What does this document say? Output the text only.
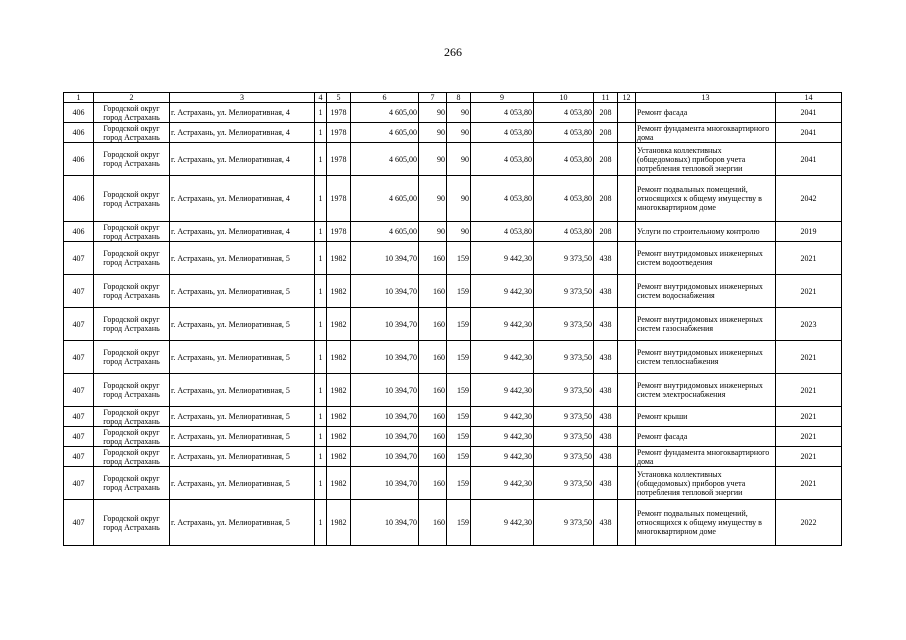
266
1	2	3	4	5	6	7	8	9	10	11	12	13	14
406	Городской округ город Астрахань	г. Астрахань, ул. Мелиоративная, 4	1	1978	4 605,00	90	90	4 053,80	4 053,80	208		Ремонт фасада	2041
406	Городской округ город Астрахань	г. Астрахань, ул. Мелиоративная, 4	1	1978	4 605,00	90	90	4 053,80	4 053,80	208		Ремонт фундамента многоквартирного дома	2041
406	Городской округ город Астрахань	г. Астрахань, ул. Мелиоративная, 4	1	1978	4 605,00	90	90	4 053,80	4 053,80	208		Установка коллективных (общедомовых) приборов учета потребления тепловой энергии	2041
406	Городской округ город Астрахань	г. Астрахань, ул. Мелиоративная, 4	1	1978	4 605,00	90	90	4 053,80	4 053,80	208		Ремонт подвальных помещений, относящихся к общему имуществу в многоквартирном доме	2042
406	Городской округ город Астрахань	г. Астрахань, ул. Мелиоративная, 4	1	1978	4 605,00	90	90	4 053,80	4 053,80	208		Услуги по строительному контролю	2019
407	Городской округ город Астрахань	г. Астрахань, ул. Мелиоративная, 5	1	1982	10 394,70	160	159	9 442,30	9 373,50	438		Ремонт внутридомовых инженерных систем водоотведения	2021
407	Городской округ город Астрахань	г. Астрахань, ул. Мелиоративная, 5	1	1982	10 394,70	160	159	9 442,30	9 373,50	438		Ремонт внутридомовых инженерных систем водоснабжения	2021
407	Городской округ город Астрахань	г. Астрахань, ул. Мелиоративная, 5	1	1982	10 394,70	160	159	9 442,30	9 373,50	438		Ремонт внутридомовых инженерных систем газоснабжения	2023
407	Городской округ город Астрахань	г. Астрахань, ул. Мелиоративная, 5	1	1982	10 394,70	160	159	9 442,30	9 373,50	438		Ремонт внутридомовых инженерных систем теплоснабжения	2021
407	Городской округ город Астрахань	г. Астрахань, ул. Мелиоративная, 5	1	1982	10 394,70	160	159	9 442,30	9 373,50	438		Ремонт внутридомовых инженерных систем электроснабжения	2021
407	Городской округ город Астрахань	г. Астрахань, ул. Мелиоративная, 5	1	1982	10 394,70	160	159	9 442,30	9 373,50	438		Ремонт крыши	2021
407	Городской округ город Астрахань	г. Астрахань, ул. Мелиоративная, 5	1	1982	10 394,70	160	159	9 442,30	9 373,50	438		Ремонт фасада	2021
407	Городской округ город Астрахань	г. Астрахань, ул. Мелиоративная, 5	1	1982	10 394,70	160	159	9 442,30	9 373,50	438		Ремонт фундамента многоквартирного дома	2021
407	Городской округ город Астрахань	г. Астрахань, ул. Мелиоративная, 5	1	1982	10 394,70	160	159	9 442,30	9 373,50	438		Установка коллективных (общедомовых) приборов учета потребления тепловой энергии	2021
407	Городской округ город Астрахань	г. Астрахань, ул. Мелиоративная, 5	1	1982	10 394,70	160	159	9 442,30	9 373,50	438		Ремонт подвальных помещений, относящихся к общему имуществу в многоквартирном доме	2022
